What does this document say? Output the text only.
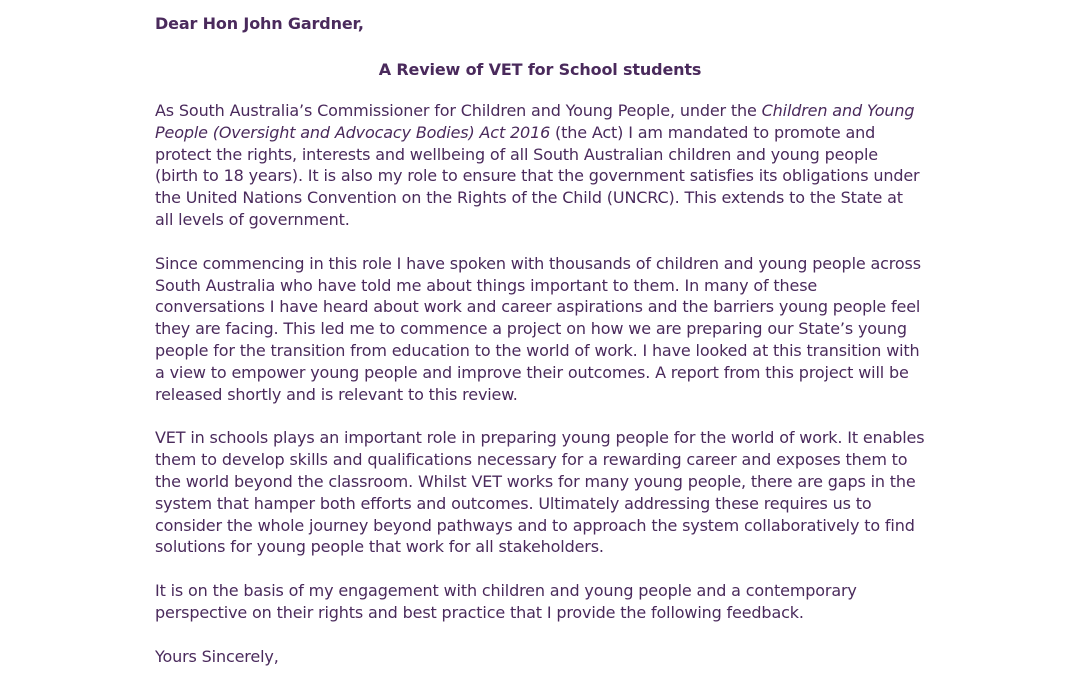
Dear Hon John Gardner,

A Review of VET for School students

As South Australia’s Commissioner for Children and Young People, under the Children and Young People (Oversight and Advocacy Bodies) Act 2016 (the Act) I am mandated to promote and protect the rights, interests and wellbeing of all South Australian children and young people (birth to 18 years). It is also my role to ensure that the government satisfies its obligations under the United Nations Convention on the Rights of the Child (UNCRC). This extends to the State at all levels of government.

Since commencing in this role I have spoken with thousands of children and young people across South Australia who have told me about things important to them. In many of these conversations I have heard about work and career aspirations and the barriers young people feel they are facing. This led me to commence a project on how we are preparing our State’s young people for the transition from education to the world of work. I have looked at this transition with a view to empower young people and improve their outcomes. A report from this project will be released shortly and is relevant to this review.

VET in schools plays an important role in preparing young people for the world of work. It enables them to develop skills and qualifications necessary for a rewarding career and exposes them to the world beyond the classroom. Whilst VET works for many young people, there are gaps in the system that hamper both efforts and outcomes. Ultimately addressing these requires us to consider the whole journey beyond pathways and to approach the system collaboratively to find solutions for young people that work for all stakeholders.

It is on the basis of my engagement with children and young people and a contemporary perspective on their rights and best practice that I provide the following feedback.

Yours Sincerely,
